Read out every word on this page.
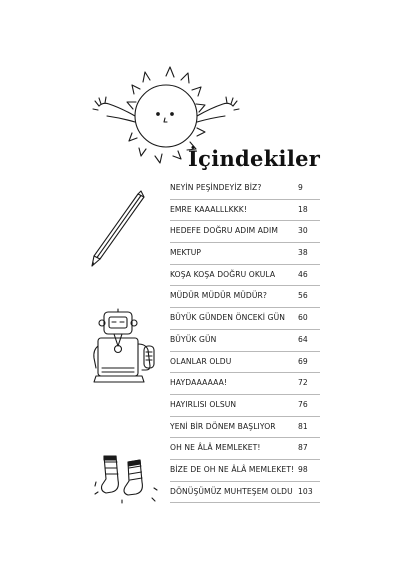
İçindekiler
NEYİN PEŞİNDEYİZ BİZ?	9
EMRE KAAALLLKKK!	18
HEDEFE DOĞRU ADIM ADIM	30
MEKTUP	38
KOŞA KOŞA DOĞRU OKULA	46
MÜDÜR MÜDÜR MÜDÜR?	56
BÜYÜK GÜNDEN ÖNCEKİ GÜN 60
BÜYÜK GÜN	64
OLANLAR OLDU	69
HAYDAAAAAA!	72
HAYIRLISI OLSUN	76
YENİ BİR DÖNEM BAŞLIYOR	81
OH NE ÂLÂ MEMLEKET!	87
BİZE DE OH NE ÂLÂ MEMLEKET! 98
DÖNÜŞÜMÜZ MUHTEŞEM OLDU 103
